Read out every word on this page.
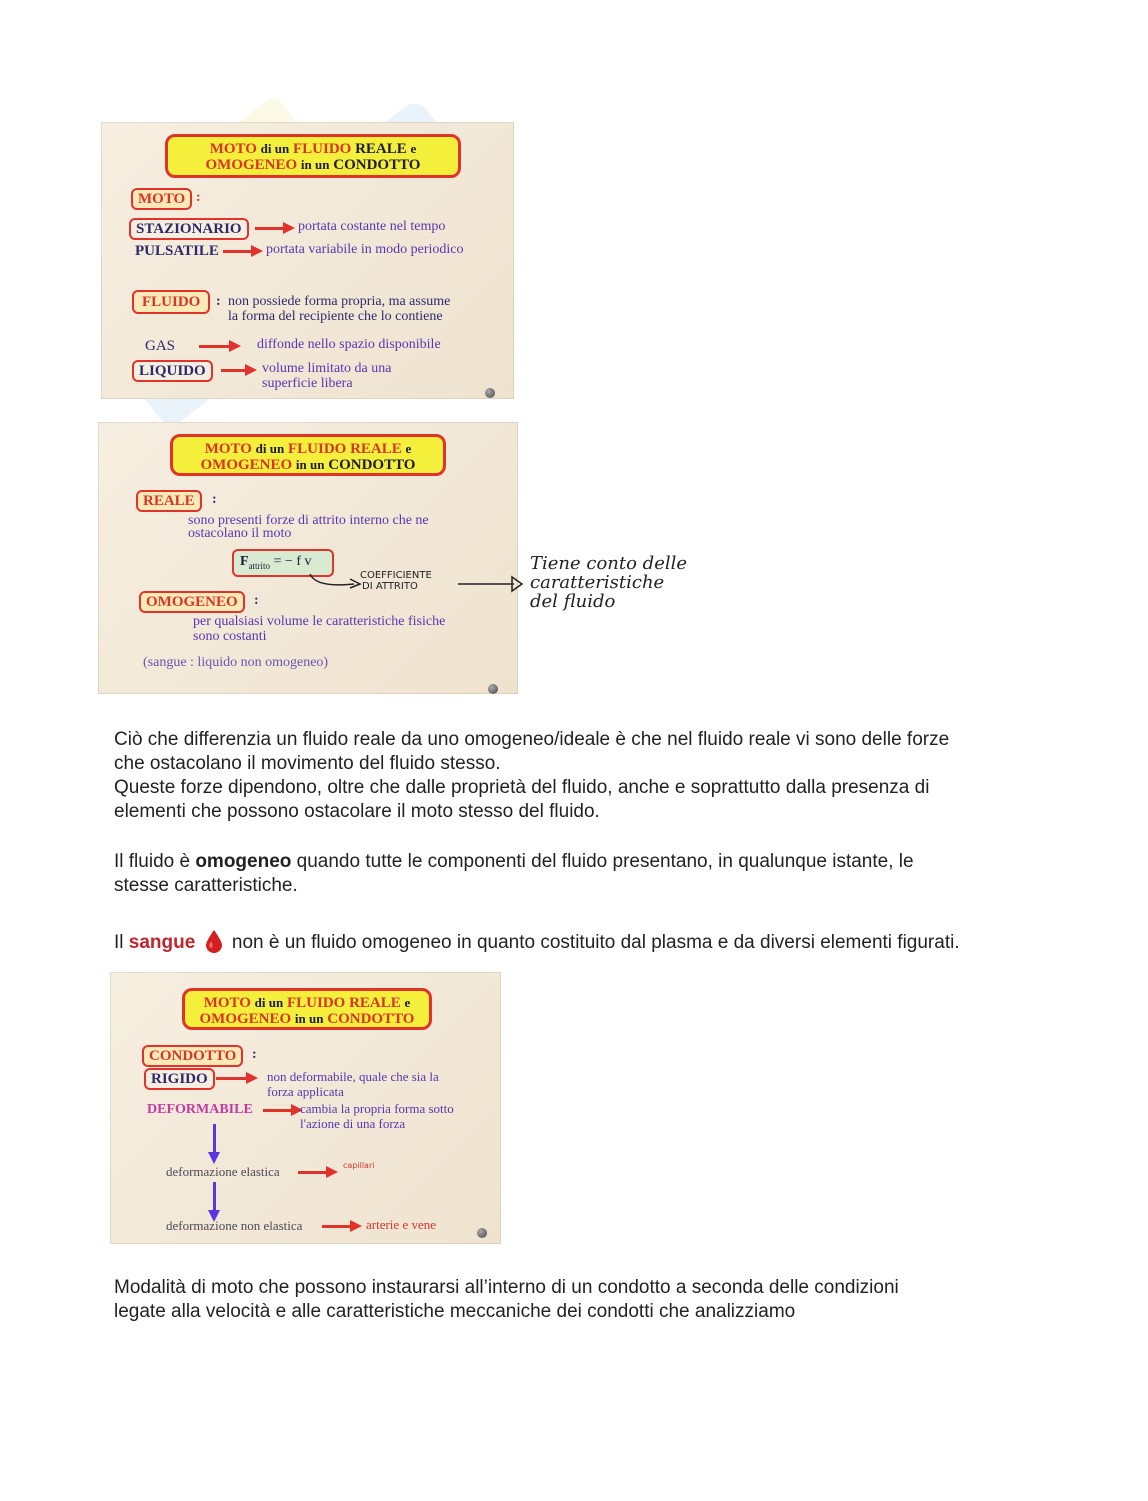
MOTO di un FLUIDO REALE e
OMOGENEO in un CONDOTTO
MOTO :
STAZIONARIO	portata costante nel tempo
PULSATILE	portata variabile in modo periodico
FLUIDO	: non possiede forma propria, ma assume
la forma del recipiente che lo contiene
GAS	diffonde nello spazio disponibile
LIQUIDO	volume limitato da una
superficie libera
MOTO di un FLUIDO REALE e
OMOGENEO in un CONDOTTO
REALE	:
sono presenti forze di attrito interno che ne
ostacolano il moto
$F_{attrito}$ = − f v
COEFFICIENTE
DI ATTRITO
OMOGENEO	:
per qualsiasi volume le caratteristiche fisiche
sono costanti
(sangue : liquido non omogeneo)
Tiene conto delle
caratteristiche
del fluido

Ciò che differenzia un fluido reale da uno omogeneo/ideale è che nel fluido reale vi sono delle forze

che ostacolano il movimento del fluido stesso.

Queste forze dipendono, oltre che dalle proprietà del fluido, anche e soprattutto dalla presenza di

elementi che possono ostacolare il moto stesso del fluido.

Il fluido è omogeneo quando tutte le componenti del fluido presentano, in qualunque istante, le

stesse caratteristiche.

Il sangue  non è un fluido omogeneo in quanto costituito dal plasma e da diversi elementi figurati.

MOTO di un FLUIDO REALE e
OMOGENEO in un CONDOTTO
CONDOTTO	:
RIGIDO	non deformabile, quale che sia la
forza applicata
DEFORMABILE	cambia la propria forma sotto
l'azione di una forza
deformazione elastica	capillari
deformazione non elastica	arterie e vene

Modalità di moto che possono instaurarsi all’interno di un condotto a seconda delle condizioni

legate alla velocità e alle caratteristiche meccaniche dei condotti che analizziamo
